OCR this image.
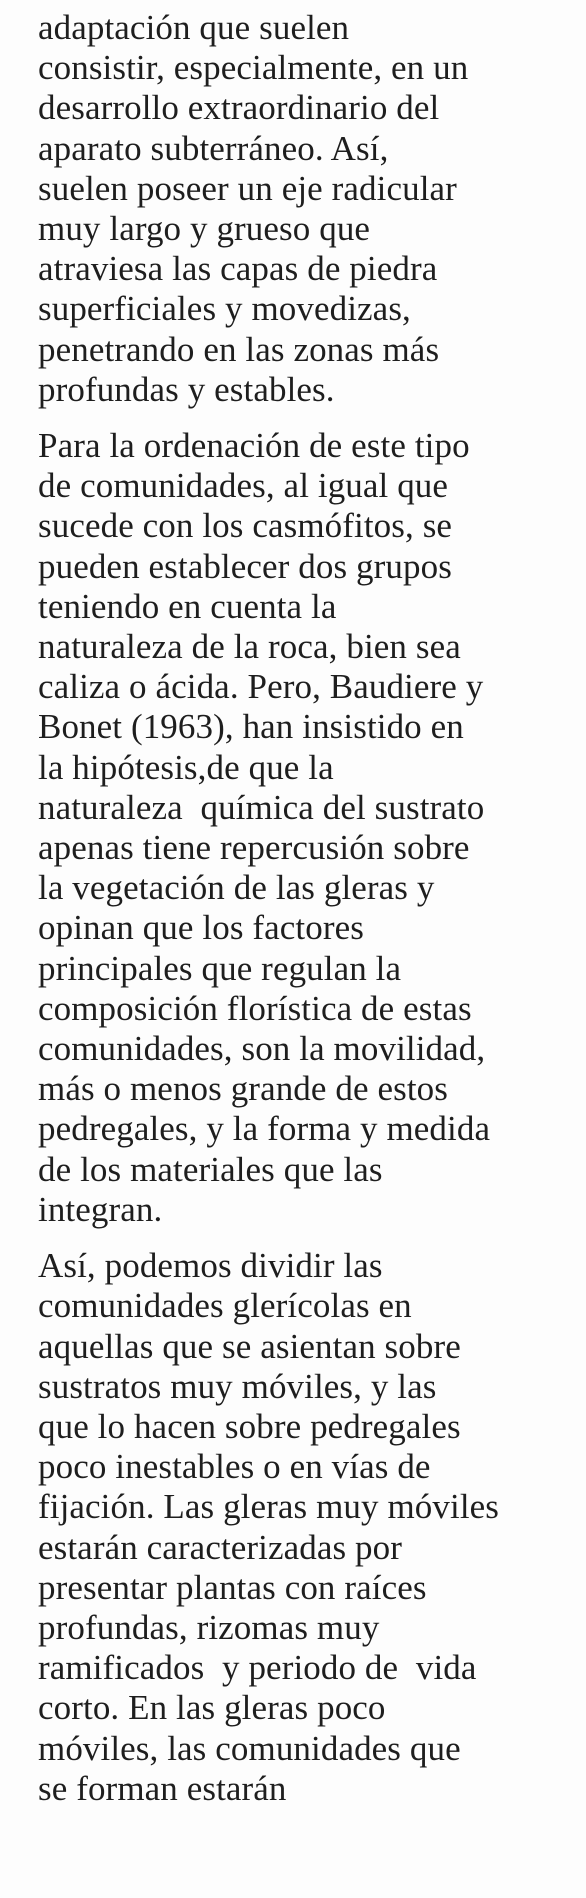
adaptación que suelen
consistir, especialmente, en un
desarrollo extraordinario del
aparato subterráneo. Así,
suelen poseer un eje radicular
muy largo y grueso que
atraviesa las capas de piedra
superficiales y movedizas,
penetrando en las zonas más
profundas y estables.

Para la ordenación de este tipo
de comunidades, al igual que
sucede con los casmófitos, se
pueden establecer dos grupos
teniendo en cuenta la
naturaleza de la roca, bien sea
caliza o ácida. Pero, Baudiere y
Bonet (1963), han insistido en
la hipótesis,de que la
naturaleza  química del sustrato
apenas tiene repercusión sobre
la vegetación de las gleras y
opinan que los factores
principales que regulan la
composición florística de estas
comunidades, son la movilidad,
más o menos grande de estos
pedregales, y la forma y medida
de los materiales que las
integran.

Así, podemos dividir las
comunidades glerícolas en
aquellas que se asientan sobre
sustratos muy móviles, y las
que lo hacen sobre pedregales
poco inestables o en vías de
fijación. Las gleras muy móviles
estarán caracterizadas por
presentar plantas con raíces
profundas, rizomas muy
ramificados  y periodo de  vida
corto. En las gleras poco
móviles, las comunidades que
se forman estarán
